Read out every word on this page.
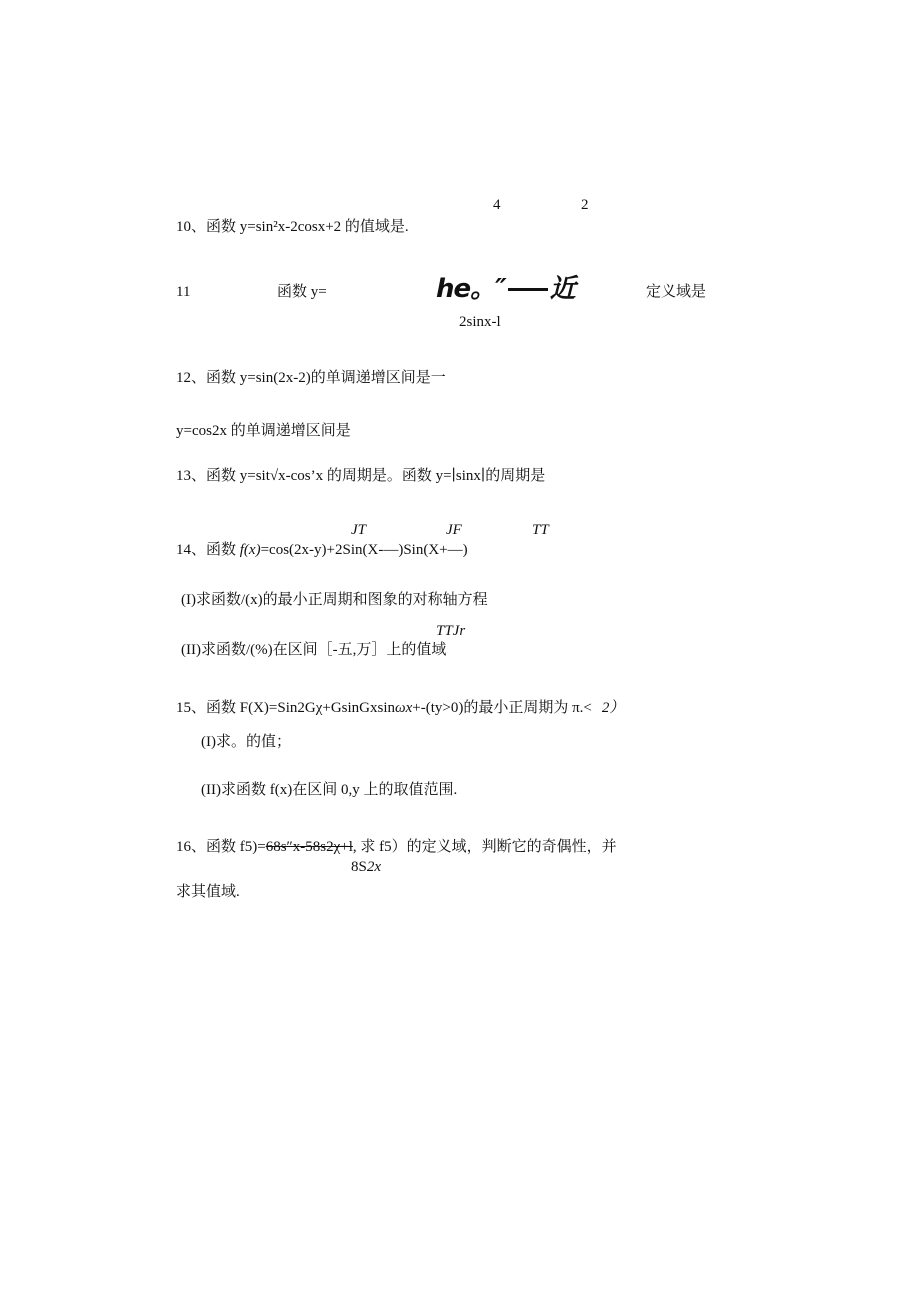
4	2
10、函数 y=sin²x-2cosx+2 的值域是.
11	函数 y=	he。″ 近	定义域是
2sinx-l
12、函数 y=sin(2x-2)的单调递增区间是一
y=cos2x 的单调递增区间是
13、函数 y=sit√x-cos’x 的周期是。函数 y=∣sinx∣的周期是
JT	JF	TT
14、函数 f(x)=cos(2x-y)+2Sin(X-—)Sin(X+—)
(I)求函数/(x)的最小正周期和图象的对称轴方程
TTJr
(II)求函数/(%)在区间［-五,万］上的值域
15、函数 F(X)=Sin2Gχ+GsinGxsinωx+-(ty>0)的最小正周期为 π.< 2）
(I)求。的值；
(II)求函数 f(x)在区间 0,y 上的取值范围.
16、函数 f5)=68s″x-58s2χ+l, 求 f5）的定义域，判断它的奇偶性，并
8S2x
求其值域.
